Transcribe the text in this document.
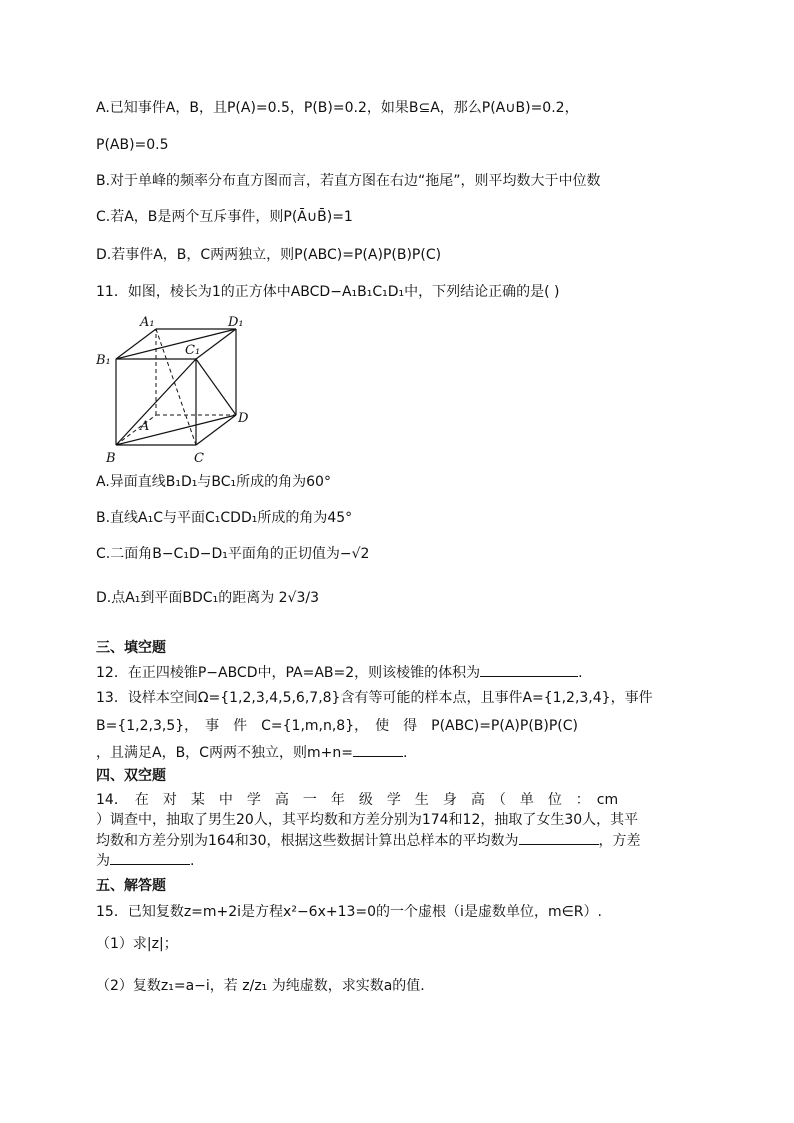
A.已知事件A，B，且P(A)=0.5，P(B)=0.2，如果B⊆A，那么P(A∪B)=0.2，
P(AB)=0.5
B.对于单峰的频率分布直方图而言，若直方图在右边“拖尾”，则平均数大于中位数
C.若A，B是两个互斥事件，则P(Ā∪B̄)=1
D.若事件A，B，C两两独立，则P(ABC)=P(A)P(B)P(C)
11．如图，棱长为1的正方体中ABCD−A₁B₁C₁D₁中，下列结论正确的是( )
A₁	D₁
B₁
C₁
A
D
B	C
A.异面直线B₁D₁与BC₁所成的角为60°
B.直线A₁C与平面C₁CDD₁所成的角为45°
C.二面角B−C₁D−D₁平面角的正切值为−√2
D.点A₁到平面BDC₁的距离为 2√3/3
三、填空题
12．在正四棱锥P−ABCD中，PA=AB=2，则该棱锥的体积为	.
13．设样本空间Ω={1,2,3,4,5,6,7,8}含有等可能的样本点，且事件A={1,2,3,4}，事件
B={1,2,3,5}，　事　件　C={1,m,n,8}，　使　得　P(ABC)=P(A)P(B)P(C)
，且满足A，B，C两两不独立，则m+n=	.
四、双空题
14．　在　对　某　中　学　高　一　年　级　学　生　身　高　（　单　位　：　cm
）调查中，抽取了男生20人，其平均数和方差分别为174和12，抽取了女生30人，其平
均数和方差分别为164和30，根据这些数据计算出总样本的平均数为	，方差
为	.
五、解答题
15．已知复数z=m+2i是方程x²−6x+13=0的一个虚根（i是虚数单位，m∈R）.
（1）求|z|；
（2）复数z₁=a−i，若 z/z₁ 为纯虚数，求实数a的值.
